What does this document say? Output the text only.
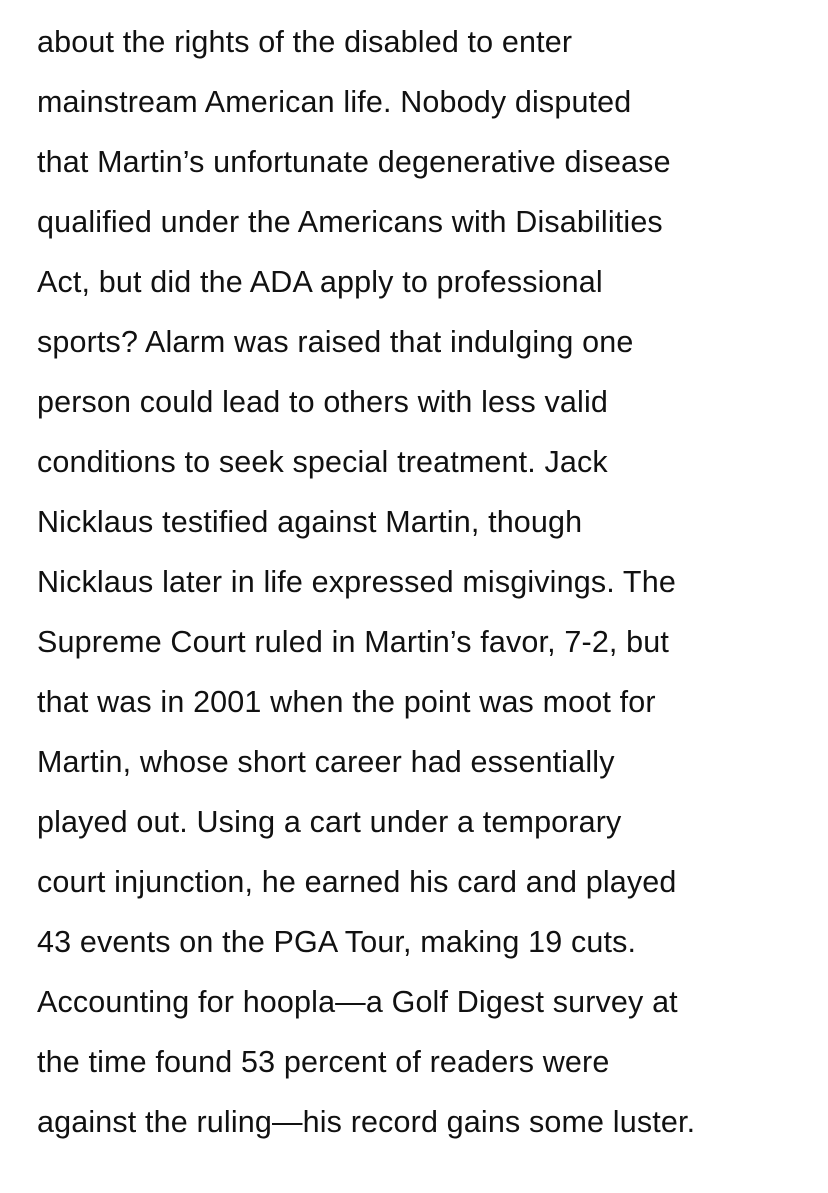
about the rights of the disabled to enter
mainstream American life. Nobody disputed
that Martin’s unfortunate degenerative disease
qualified under the Americans with Disabilities
Act, but did the ADA apply to professional
sports? Alarm was raised that indulging one
person could lead to others with less valid
conditions to seek special treatment. Jack
Nicklaus testified against Martin, though
Nicklaus later in life expressed misgivings. The
Supreme Court ruled in Martin’s favor, 7-2, but
that was in 2001 when the point was moot for
Martin, whose short career had essentially
played out. Using a cart under a temporary
court injunction, he earned his card and played
43 events on the PGA Tour, making 19 cuts.
Accounting for hoopla—a Golf Digest survey at
the time found 53 percent of readers were
against the ruling—his record gains some luster.
